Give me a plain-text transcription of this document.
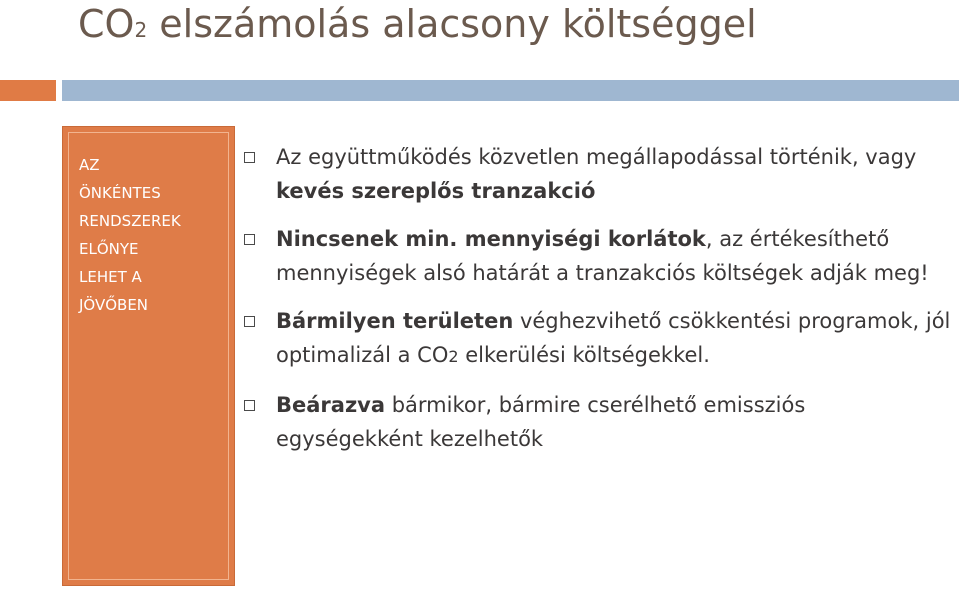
CO2 elszámolás alacsony költséggel
AZ
ÖNKÉNTES
RENDSZEREK
ELŐNYE
LEHET A
JÖVŐBEN
Az együttműködés közvetlen megállapodással történik, vagy kevés szereplős tranzakció
Nincsenek min. mennyiségi korlátok, az értékesíthető mennyiségek alsó határát a tranzakciós költségek adják meg!
Bármilyen területen véghezvihető csökkentési programok, jól optimalizál a CO2 elkerülési költségekkel.
Beárazva bármikor, bármire cserélhető emissziós egységekként kezelhetők
